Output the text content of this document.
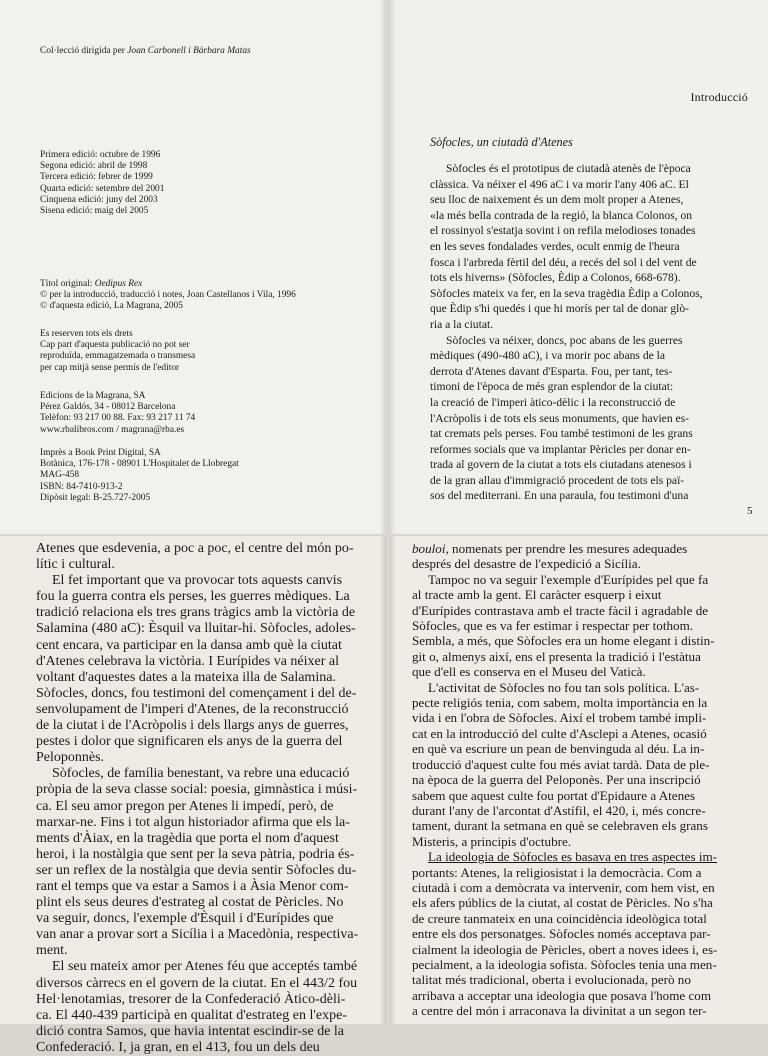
Col·lecció dirigida per Joan Carbonell i Bàrbara Matas
Primera edició: octubre de 1996
Segona edició: abril de 1998
Tercera edició: febrer de 1999
Quarta edició: setembre del 2001
Cinquena edició: juny del 2003
Sisena edició: maig del 2005
Títol original: Oedipus Rex
© per la introducció, traducció i notes, Joan Castellanos i Vila, 1996
© d'aquesta edició, La Magrana, 2005
Es reserven tots els drets
Cap part d'aquesta publicació no pot ser
reproduïda, emmagatzemada o transmesa
per cap mitjà sense permís de l'editor
Edicions de la Magrana, SA
Pérez Galdós, 34 - 08012 Barcelona
Telèfon: 93 217 00 88. Fax: 93 217 11 74
www.rbalibros.com / magrana@rba.es
Imprès a Book Print Digital, SA
Botànica, 176-178 - 08901 L'Hospitalet de Llobregat
MAG-458
ISBN: 84-7410-913-2
Dipòsit legal: B-25.727-2005
Introducció
Sòfocles, un ciutadà d'Atenes
Sòfocles és el prototipus de ciutadà atenès de l'època
clàssica. Va néixer el 496 aC i va morir l'any 406 aC. El
seu lloc de naixement és un dem molt proper a Atenes,
«la més bella contrada de la regió, la blanca Colonos, on
el rossinyol s'estatja sovint i on refila melodioses tonades
en les seves fondalades verdes, ocult enmig de l'heura
fosca i l'arbreda fèrtil del déu, a recés del sol i del vent de
tots els hiverns» (Sòfocles, Èdip a Colonos, 668-678).
Sòfocles mateix va fer, en la seva tragèdia Èdip a Colonos,
que Èdip s'hi quedés i que hi morís per tal de donar glò-
ria a la ciutat.
Sòfocles va néixer, doncs, poc abans de les guerres
mèdiques (490-480 aC), i va morir poc abans de la
derrota d'Atenes davant d'Esparta. Fou, per tant, tes-
timoni de l'època de més gran esplendor de la ciutat:
la creació de l'imperi àtico-dèlic i la reconstrucció de
l'Acròpolis i de tots els seus monuments, que havien es-
tat cremats pels perses. Fou també testimoni de les grans
reformes socials que va implantar Pèricles per donar en-
trada al govern de la ciutat a tots els ciutadans atenesos i
de la gran allau d'immigració procedent de tots els paï-
sos del mediterrani. En una paraula, fou testimoni d'una
5
Atenes que esdevenia, a poc a poc, el centre del món po-
lític i cultural.
El fet important que va provocar tots aquests canvis
fou la guerra contra els perses, les guerres mèdiques. La
tradició relaciona els tres grans tràgics amb la victòria de
Salamina (480 aC): Èsquil va lluitar-hi. Sòfocles, adoles-
cent encara, va participar en la dansa amb què la ciutat
d'Atenes celebrava la victòria. I Eurípides va néixer al
voltant d'aquestes dates a la mateixa illa de Salamina.
Sòfocles, doncs, fou testimoni del començament i del de-
senvolupament de l'imperi d'Atenes, de la reconstrucció
de la ciutat i de l'Acròpolis i dels llargs anys de guerres,
pestes i dolor que significaren els anys de la guerra del
Peloponnès.
Sòfocles, de família benestant, va rebre una educació
pròpia de la seva classe social: poesia, gimnàstica i músi-
ca. El seu amor pregon per Atenes li impedí, però, de
marxar-ne. Fins i tot algun historiador afirma que els la-
ments d'Àiax, en la tragèdia que porta el nom d'aquest
heroi, i la nostàlgia que sent per la seva pàtria, podria és-
ser un reflex de la nostàlgia que devia sentir Sòfocles du-
rant el temps que va estar a Samos i a Àsia Menor com-
plint els seus deures d'estrateg al costat de Pèricles. No
va seguir, doncs, l'exemple d'Èsquil i d'Eurípides que
van anar a provar sort a Sicília i a Macedònia, respectiva-
ment.
El seu mateix amor per Atenes féu que acceptés també
diversos càrrecs en el govern de la ciutat. En el 443/2 fou
Hel·lenotamias, tresorer de la Confederació Àtico-dèli-
ca. El 440-439 participà en qualitat d'estrateg en l'expe-
dició contra Samos, que havia intentat escindir-se de la
Confederació. I, ja gran, en el 413, fou un dels deu
bouloi, nomenats per prendre les mesures adequades
després del desastre de l'expedició a Sicília.
Tampoc no va seguir l'exemple d'Eurípides pel que fa
al tracte amb la gent. El caràcter esquerp i eixut
d'Eurípides contrastava amb el tracte fàcil i agradable de
Sòfocles, que es va fer estimar i respectar per tothom.
Sembla, a més, que Sòfocles era un home elegant i distin-
git o, almenys així, ens el presenta la tradició i l'estàtua
que d'ell es conserva en el Museu del Vaticà.
L'activitat de Sòfocles no fou tan sols política. L'as-
pecte religiós tenia, com sabem, molta importància en la
vida i en l'obra de Sòfocles. Així el trobem també impli-
cat en la introducció del culte d'Asclepi a Atenes, ocasió
en què va escriure un pean de benvinguda al déu. La in-
troducció d'aquest culte fou més aviat tardà. Data de ple-
na època de la guerra del Peloponès. Per una inscripció
sabem que aquest culte fou portat d'Epidaure a Atenes
durant l'any de l'arcontat d'Astífil, el 420, i, més concre-
tament, durant la setmana en què se celebraven els grans
Misteris, a principis d'octubre.
La ideologia de Sòfocles es basava en tres aspectes im-
portants: Atenes, la religiosistat i la democràcia. Com a
ciutadà i com a demòcrata va intervenir, com hem vist, en
els afers públics de la ciutat, al costat de Pèricles. No s'ha
de creure tanmateix en una coincidència ideològica total
entre els dos personatges. Sòfocles només acceptava par-
cialment la ideologia de Pèricles, obert a noves idees i, es-
pecialment, a la ideologia sofista. Sòfocles tenia una men-
talitat més tradicional, oberta i evolucionada, però no
arribava a acceptar una ideologia que posava l'home com
a centre del món i arraconava la divinitat a un segon ter-
